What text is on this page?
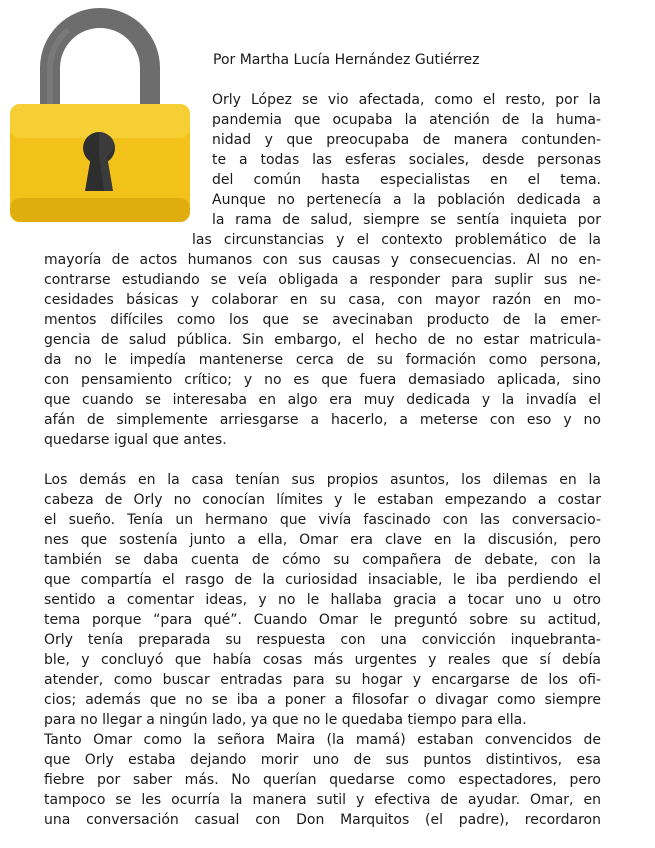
Por Martha Lucía Hernández Gutiérrez
Orly López se vio afectada, como el resto, por la
pandemia que ocupaba la atención de la huma-
nidad y que preocupaba de manera contunden-
te a todas las esferas sociales, desde personas
del común hasta especialistas en el tema.
Aunque no pertenecía a la población dedicada a
la rama de salud, siempre se sentía inquieta por
las circunstancias y el contexto problemático de la
mayoría de actos humanos con sus causas y consecuencias. Al no en-
contrarse estudiando se veía obligada a responder para suplir sus ne-
cesidades básicas y colaborar en su casa, con mayor razón en mo-
mentos difíciles como los que se avecinaban producto de la emer-
gencia de salud pública. Sin embargo, el hecho de no estar matricula-
da no le impedía mantenerse cerca de su formación como persona,
con pensamiento crítico; y no es que fuera demasiado aplicada, sino
que cuando se interesaba en algo era muy dedicada y la invadía el
afán de simplemente arriesgarse a hacerlo, a meterse con eso y no
quedarse igual que antes.
Los demás en la casa tenían sus propios asuntos, los dilemas en la
cabeza de Orly no conocían límites y le estaban empezando a costar
el sueño. Tenía un hermano que vivía fascinado con las conversacio-
nes que sostenía junto a ella, Omar era clave en la discusión, pero
también se daba cuenta de cómo su compañera de debate, con la
que compartía el rasgo de la curiosidad insaciable, le iba perdiendo el
sentido a comentar ideas, y no le hallaba gracia a tocar uno u otro
tema porque “para qué”. Cuando Omar le preguntó sobre su actitud,
Orly tenía preparada su respuesta con una convicción inquebranta-
ble, y concluyó que había cosas más urgentes y reales que sí debía
atender, como buscar entradas para su hogar y encargarse de los ofi-
cios; además que no se iba a poner a filosofar o divagar como siempre
para no llegar a ningún lado, ya que no le quedaba tiempo para ella.
Tanto Omar como la señora Maira (la mamá) estaban convencidos de
que Orly estaba dejando morir uno de sus puntos distintivos, esa
fiebre por saber más. No querían quedarse como espectadores, pero
tampoco se les ocurría la manera sutil y efectiva de ayudar. Omar, en
una conversación casual con Don Marquitos (el padre), recordaron
